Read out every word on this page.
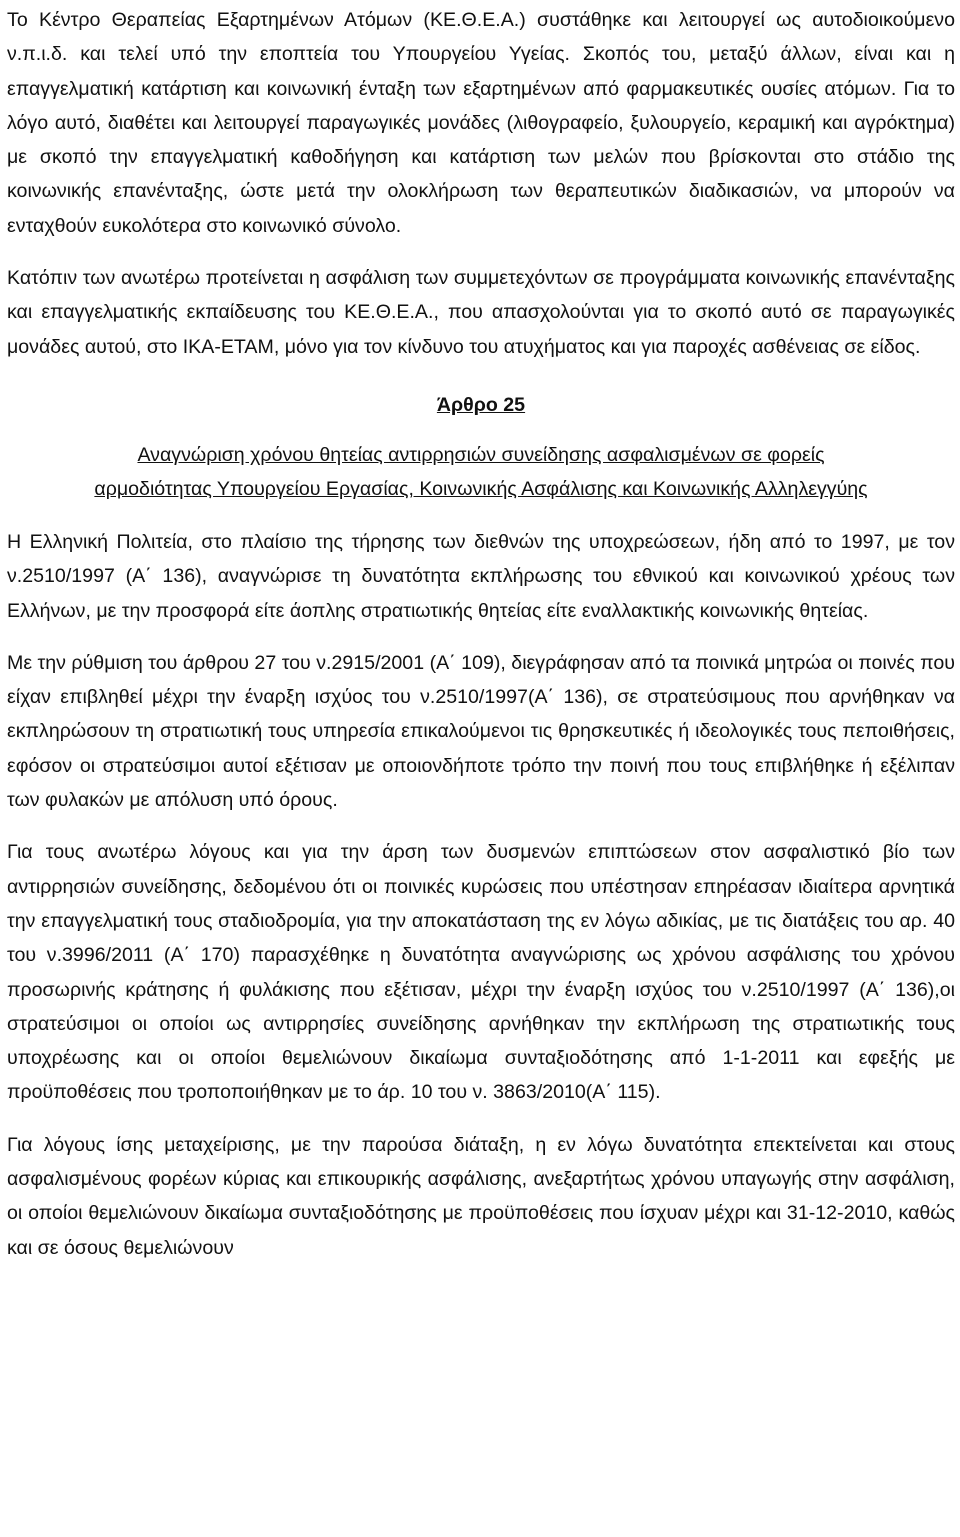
Το Κέντρο Θεραπείας Εξαρτημένων Ατόμων (ΚΕ.Θ.Ε.Α.) συστάθηκε και λειτουργεί ως αυτοδιοικούμενο ν.π.ι.δ. και τελεί υπό την εποπτεία του Υπουργείου Υγείας. Σκοπός του, μεταξύ άλλων, είναι και η επαγγελματική κατάρτιση και κοινωνική ένταξη των εξαρτημένων από φαρμακευτικές ουσίες ατόμων. Για το λόγο αυτό, διαθέτει και λειτουργεί παραγωγικές μονάδες (λιθογραφείο, ξυλουργείο, κεραμική και αγρόκτημα) με σκοπό την επαγγελματική καθοδήγηση και κατάρτιση των μελών που βρίσκονται στο στάδιο της κοινωνικής επανένταξης, ώστε μετά την ολοκλήρωση των θεραπευτικών διαδικασιών, να μπορούν να ενταχθούν ευκολότερα στο κοινωνικό σύνολο.

Κατόπιν των ανωτέρω προτείνεται η ασφάλιση των συμμετεχόντων σε προγράμματα κοινωνικής επανένταξης και επαγγελματικής εκπαίδευσης του ΚΕ.Θ.Ε.Α., που απασχολούνται για το σκοπό αυτό σε παραγωγικές μονάδες αυτού, στο ΙΚΑ-ΕΤΑΜ, μόνο για τον κίνδυνο του ατυχήματος και για παροχές ασθένειας σε είδος.

Άρθρο 25

Αναγνώριση χρόνου θητείας αντιρρησιών συνείδησης ασφαλισμένων σε φορείς
αρμοδιότητας Υπουργείου Εργασίας, Κοινωνικής Ασφάλισης και Κοινωνικής Αλληλεγγύης

Η Ελληνική Πολιτεία, στο πλαίσιο της τήρησης των διεθνών της υποχρεώσεων, ήδη από το 1997, με τον ν.2510/1997 (Α΄ 136), αναγνώρισε τη δυνατότητα εκπλήρωσης του εθνικού και κοινωνικού χρέους των Ελλήνων, με την προσφορά είτε άοπλης στρατιωτικής θητείας είτε εναλλακτικής κοινωνικής θητείας.

Με την ρύθμιση του άρθρου 27 του ν.2915/2001 (Α΄ 109), διεγράφησαν από τα ποινικά μητρώα οι ποινές που είχαν επιβληθεί μέχρι την έναρξη ισχύος του ν.2510/1997(Α΄ 136), σε στρατεύσιμους που αρνήθηκαν να εκπληρώσουν τη στρατιωτική τους υπηρεσία επικαλούμενοι τις θρησκευτικές ή ιδεολογικές τους πεποιθήσεις, εφόσον οι στρατεύσιμοι αυτοί εξέτισαν με οποιονδήποτε τρόπο την ποινή που τους επιβλήθηκε ή εξέλιπαν των φυλακών με απόλυση υπό όρους.

Για τους ανωτέρω λόγους και για την άρση των δυσμενών επιπτώσεων στον ασφαλιστικό βίο των αντιρρησιών συνείδησης, δεδομένου ότι οι ποινικές κυρώσεις που υπέστησαν επηρέασαν ιδιαίτερα αρνητικά την επαγγελματική τους σταδιοδρομία, για την αποκατάσταση της εν λόγω αδικίας, με τις διατάξεις του αρ. 40 του ν.3996/2011 (Α΄ 170) παρασχέθηκε η δυνατότητα αναγνώρισης ως χρόνου ασφάλισης του χρόνου προσωρινής κράτησης ή φυλάκισης που εξέτισαν, μέχρι την έναρξη ισχύος του ν.2510/1997 (Α΄ 136),οι στρατεύσιμοι οι οποίοι ως αντιρρησίες συνείδησης αρνήθηκαν την εκπλήρωση της στρατιωτικής τους υποχρέωσης και οι οποίοι θεμελιώνουν δικαίωμα συνταξιοδότησης από 1-1-2011 και εφεξής με προϋποθέσεις που τροποποιήθηκαν με το άρ. 10 του ν. 3863/2010(Α΄ 115).

Για λόγους ίσης μεταχείρισης, με την παρούσα διάταξη, η εν λόγω δυνατότητα επεκτείνεται και στους ασφαλισμένους φορέων κύριας και επικουρικής ασφάλισης, ανεξαρτήτως χρόνου υπαγωγής στην ασφάλιση, οι οποίοι θεμελιώνουν δικαίωμα συνταξιοδότησης με προϋποθέσεις που ίσχυαν μέχρι και 31-12-2010, καθώς και σε όσους θεμελιώνουν
